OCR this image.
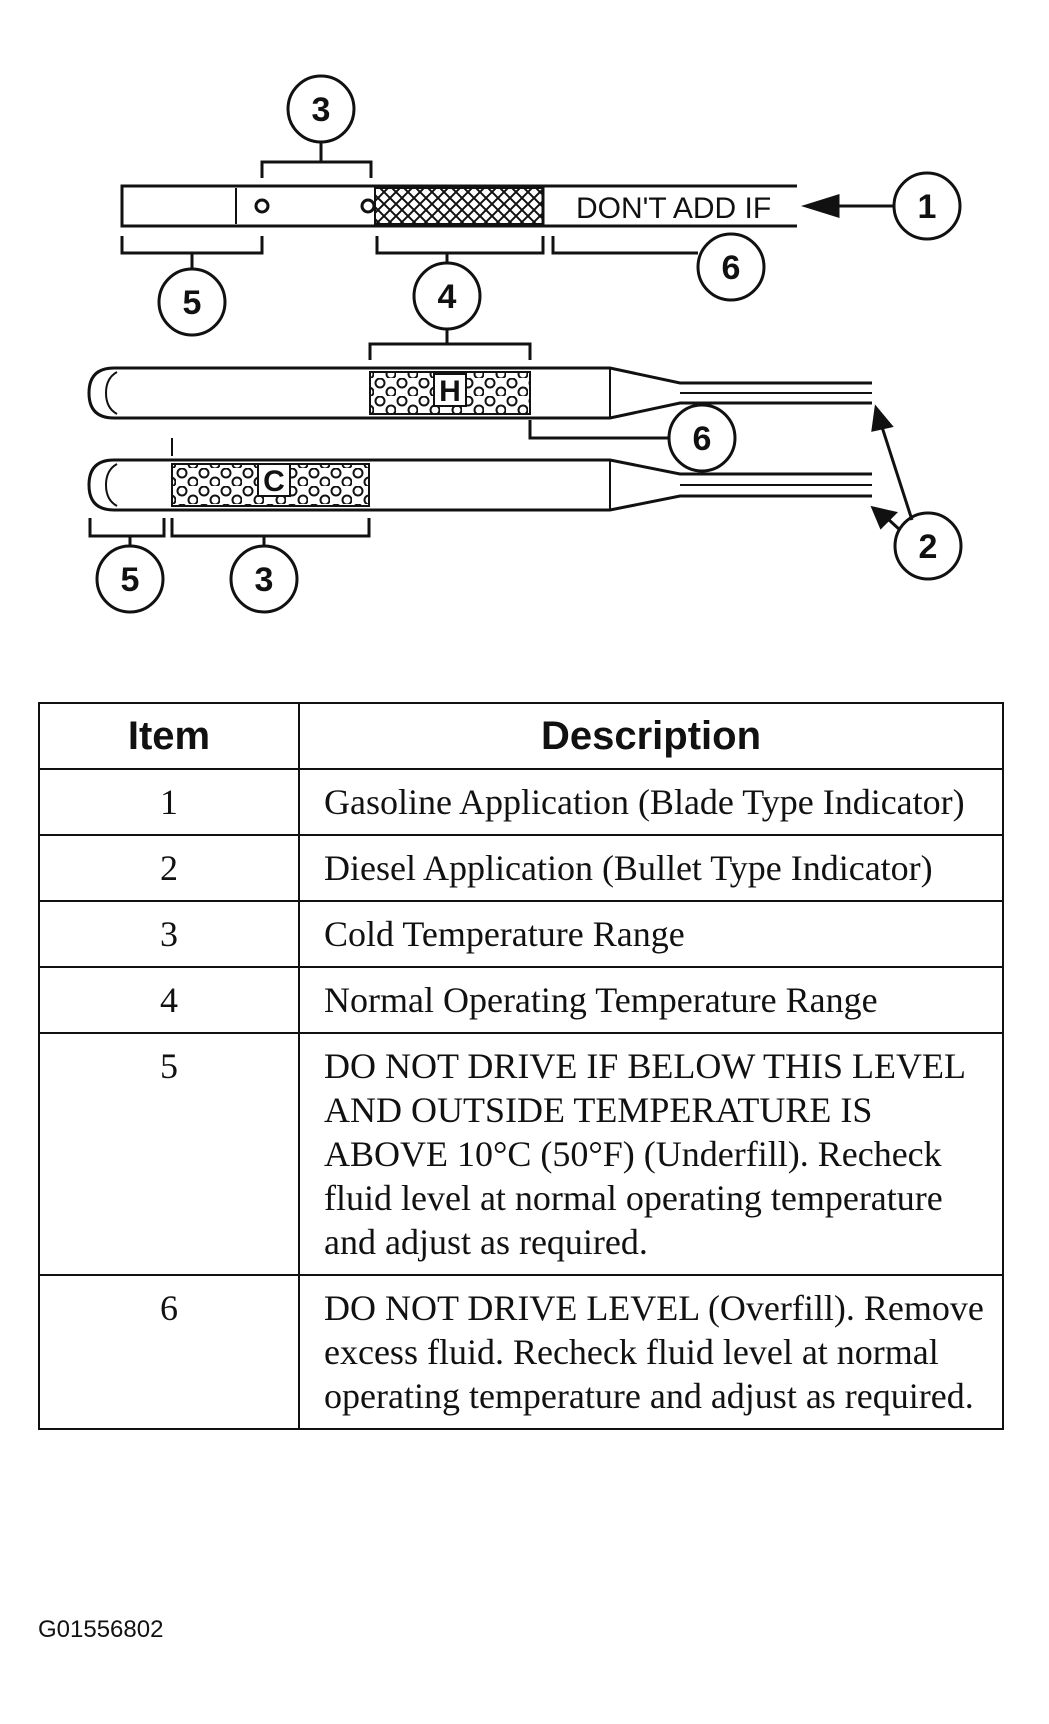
DON'T ADD IF
3
1
5	4
6
H
C
6
2
5	3
Item	Description
1	Gasoline Application (Blade Type Indicator)
2	Diesel Application (Bullet Type Indicator)
3	Cold Temperature Range
4	Normal Operating Temperature Range
5	DO NOT DRIVE IF BELOW THIS LEVEL AND OUTSIDE TEMPERATURE IS ABOVE 10°C (50°F) (Underfill). Recheck fluid level at normal operating temperature and adjust as required.
6	DO NOT DRIVE LEVEL (Overfill). Remove excess fluid. Recheck fluid level at normal operating temperature and adjust as required.
G01556802
